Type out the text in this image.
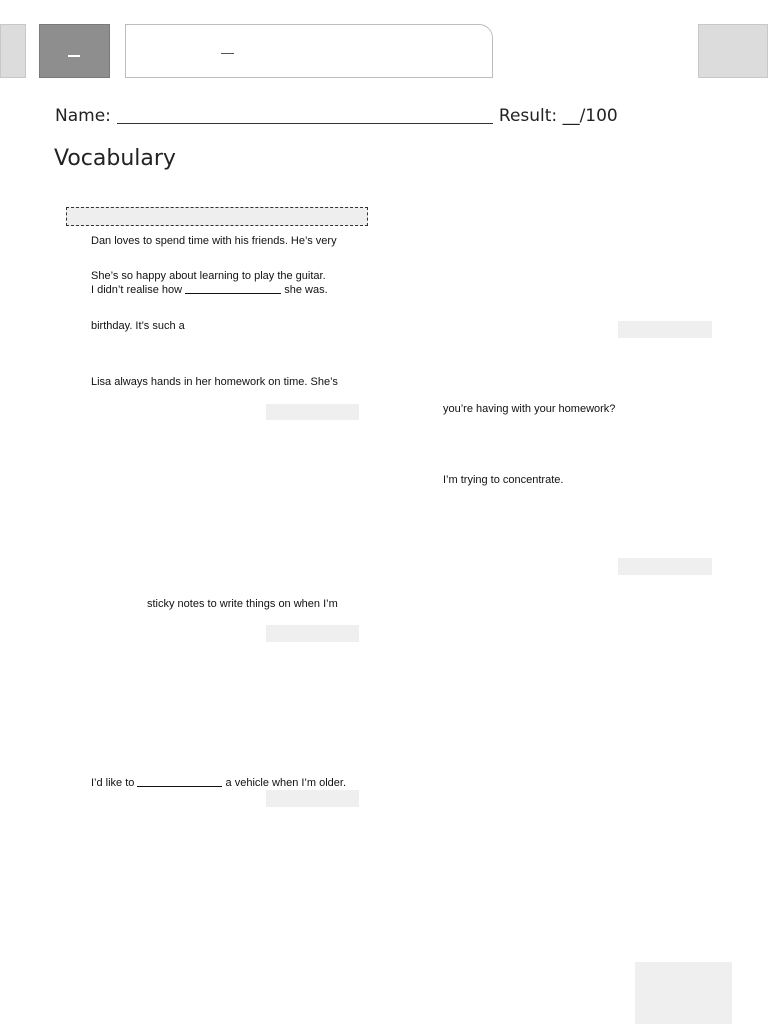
Name:	Result: __/100
Vocabulary
Dan loves to spend time with his friends. He’s very
She’s so happy about learning to play the guitar.
I didn’t realise how	she was.
birthday. It’s such a
Lisa always hands in her homework on time. She’s
you’re having with your homework?
I’m trying to concentrate.
sticky notes to write things on when I’m
I’d like to	a vehicle when I’m older.
